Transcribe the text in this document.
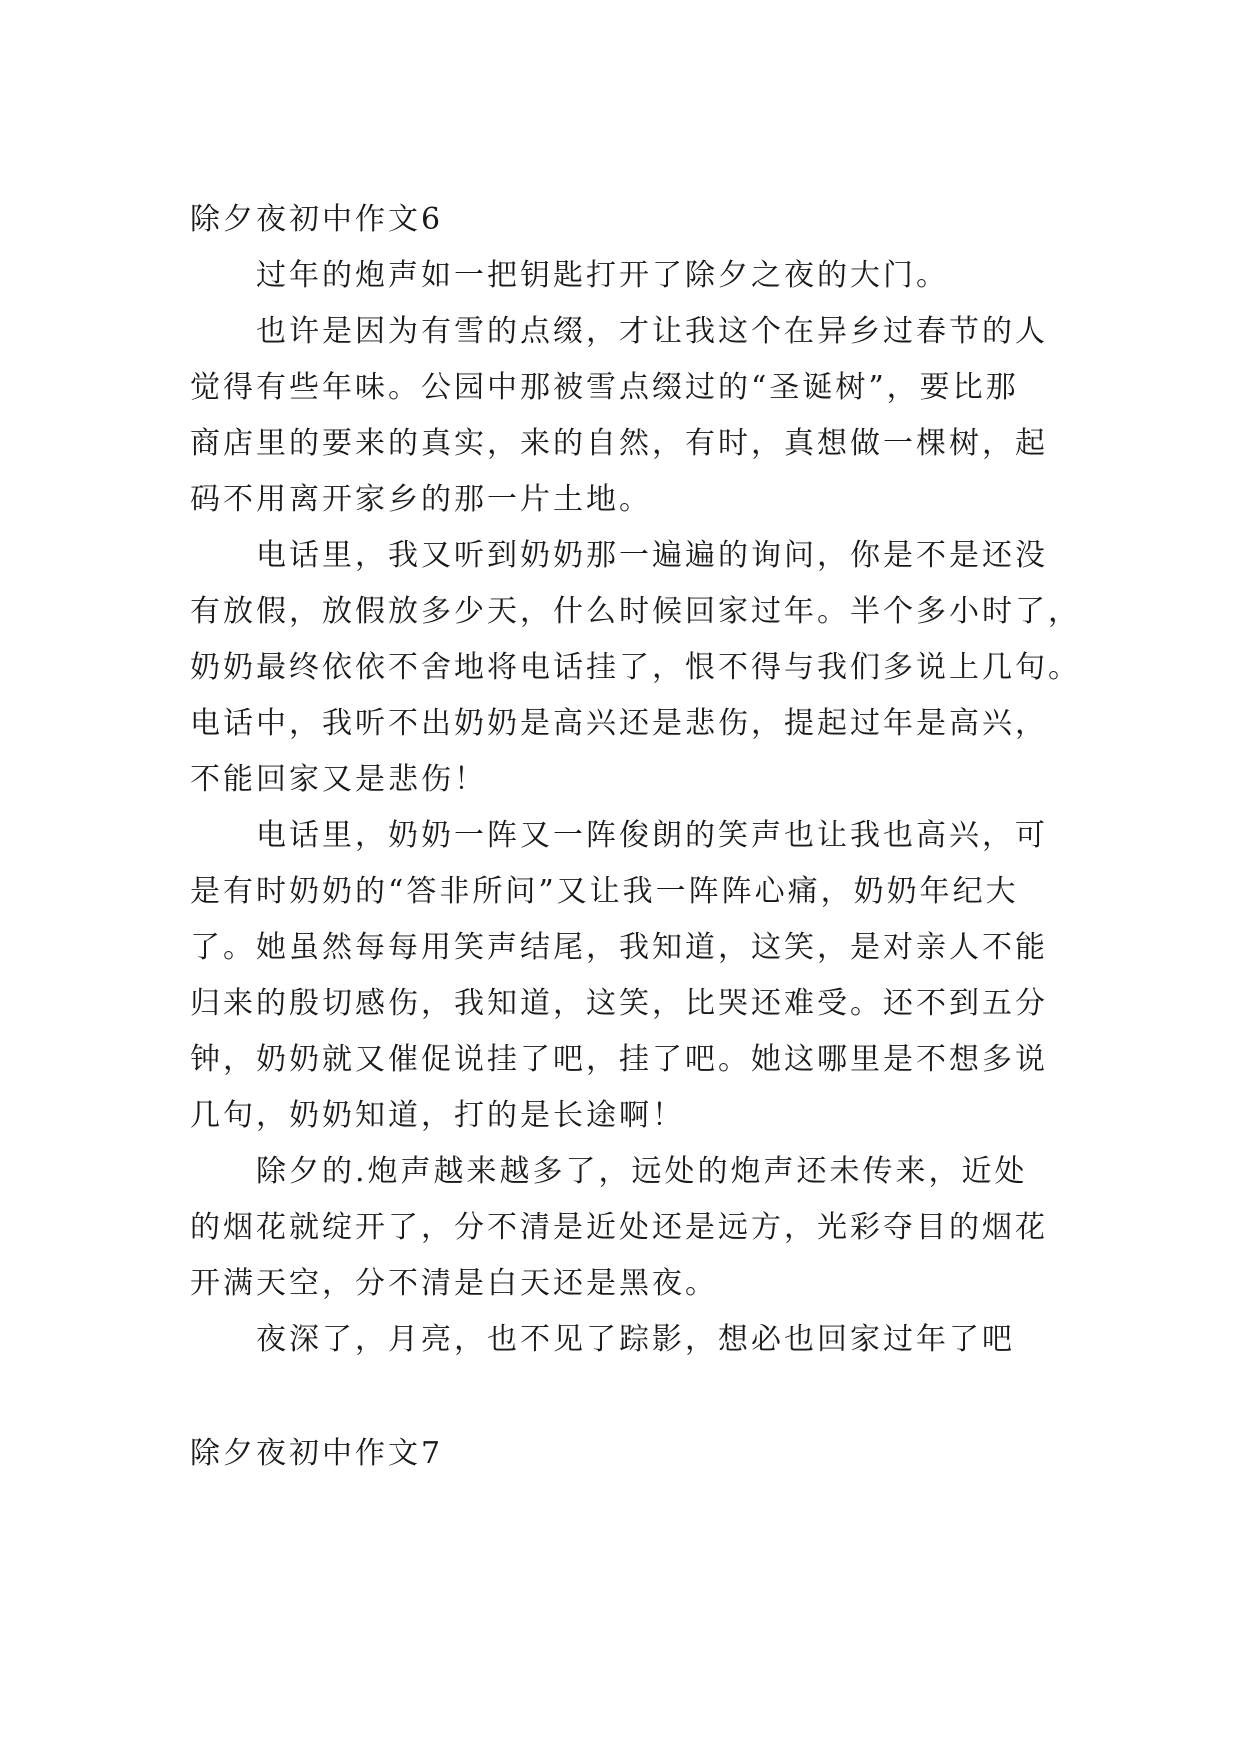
除夕夜初中作文6
过年的炮声如一把钥匙打开了除夕之夜的大门。
也许是因为有雪的点缀，才让我这个在异乡过春节的人
觉得有些年味。公园中那被雪点缀过的“圣诞树”，要比那
商店里的要来的真实，来的自然，有时，真想做一棵树，起
码不用离开家乡的那一片土地。
电话里，我又听到奶奶那一遍遍的询问，你是不是还没
有放假，放假放多少天，什么时候回家过年。半个多小时了，
奶奶最终依依不舍地将电话挂了，恨不得与我们多说上几句。
电话中，我听不出奶奶是高兴还是悲伤，提起过年是高兴，
不能回家又是悲伤！
电话里，奶奶一阵又一阵俊朗的笑声也让我也高兴，可
是有时奶奶的“答非所问”又让我一阵阵心痛，奶奶年纪大
了。她虽然每每用笑声结尾，我知道，这笑，是对亲人不能
归来的殷切感伤，我知道，这笑，比哭还难受。还不到五分
钟，奶奶就又催促说挂了吧，挂了吧。她这哪里是不想多说
几句，奶奶知道，打的是长途啊！
除夕的.炮声越来越多了，远处的炮声还未传来，近处
的烟花就绽开了，分不清是近处还是远方，光彩夺目的烟花
开满天空，分不清是白天还是黑夜。
夜深了，月亮，也不见了踪影，想必也回家过年了吧
除夕夜初中作文7
